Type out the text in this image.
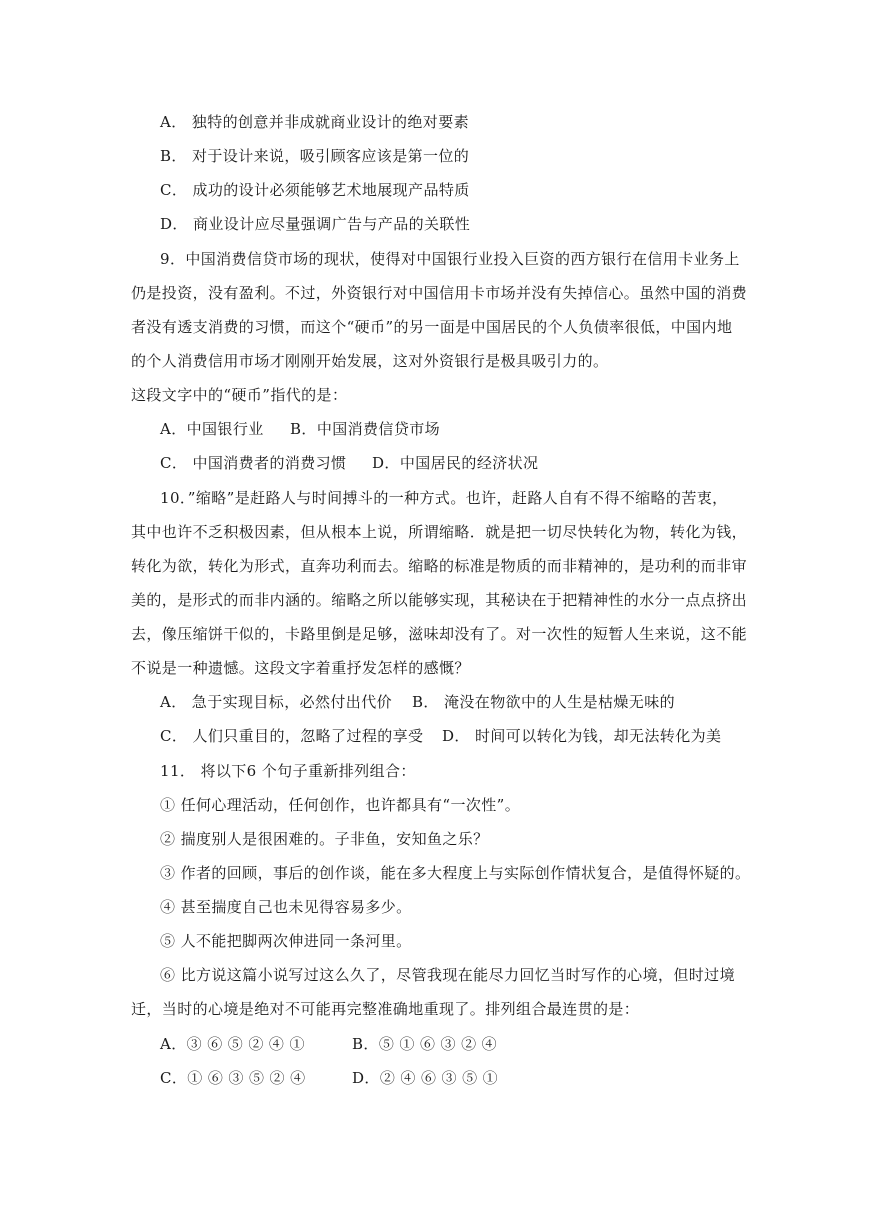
A． 独特的创意并非成就商业设计的绝对要素
B． 对于设计来说，吸引顾客应该是第一位的
C． 成功的设计必须能够艺术地展现产品特质
D． 商业设计应尽量强调广告与产品的关联性
9．中国消费信贷市场的现状，使得对中国银行业投入巨资的西方银行在信用卡业务上
仍是投资，没有盈利。不过，外资银行对中国信用卡市场并没有失掉信心。虽然中国的消费
者没有透支消费的习惯，而这个“硬币”的另一面是中国居民的个人负债率很低，中国内地
的个人消费信用市场才刚刚开始发展，这对外资银行是极具吸引力的。
这段文字中的“硬币”指代的是：
A．中国银行业 B．中国消费信贷市场
C． 中国消费者的消费习惯 D．中国居民的经济状况
10．”缩略”是赶路人与时间搏斗的一种方式。也许，赶路人自有不得不缩略的苦衷，
其中也许不乏积极因素，但从根本上说，所谓缩略．就是把一切尽快转化为物，转化为钱，
转化为欲，转化为形式，直奔功利而去。缩略的标准是物质的而非精神的，是功利的而非审
美的，是形式的而非内涵的。缩略之所以能够实现，其秘诀在于把精神性的水分一点点挤出
去，像压缩饼干似的，卡路里倒是足够，滋味却没有了。对一次性的短暂人生来说，这不能
不说是一种遗憾。这段文字着重抒发怎样的感慨？
A． 急于实现目标，必然付出代价 B． 淹没在物欲中的人生是枯燥无味的
C． 人们只重目的，忽略了过程的享受 D． 时间可以转化为钱，却无法转化为美
11． 将以下6 个句子重新排列组合：
① 任何心理活动，任何创作，也许都具有“一次性”。
② 揣度别人是很困难的。子非鱼，安知鱼之乐？
③ 作者的回顾，事后的创作谈，能在多大程度上与实际创作情状复合，是值得怀疑的。
④ 甚至揣度自己也未见得容易多少。
⑤ 人不能把脚两次伸进同一条河里。
⑥ 比方说这篇小说写过这么久了，尽管我现在能尽力回忆当时写作的心境，但时过境
迁，当时的心境是绝对不可能再完整准确地重现了。排列组合最连贯的是：
A．③ ⑥ ⑤ ② ④ ①	B．⑤ ① ⑥ ③ ② ④
C．① ⑥ ③ ⑤ ② ④	D．② ④ ⑥ ③ ⑤ ①
